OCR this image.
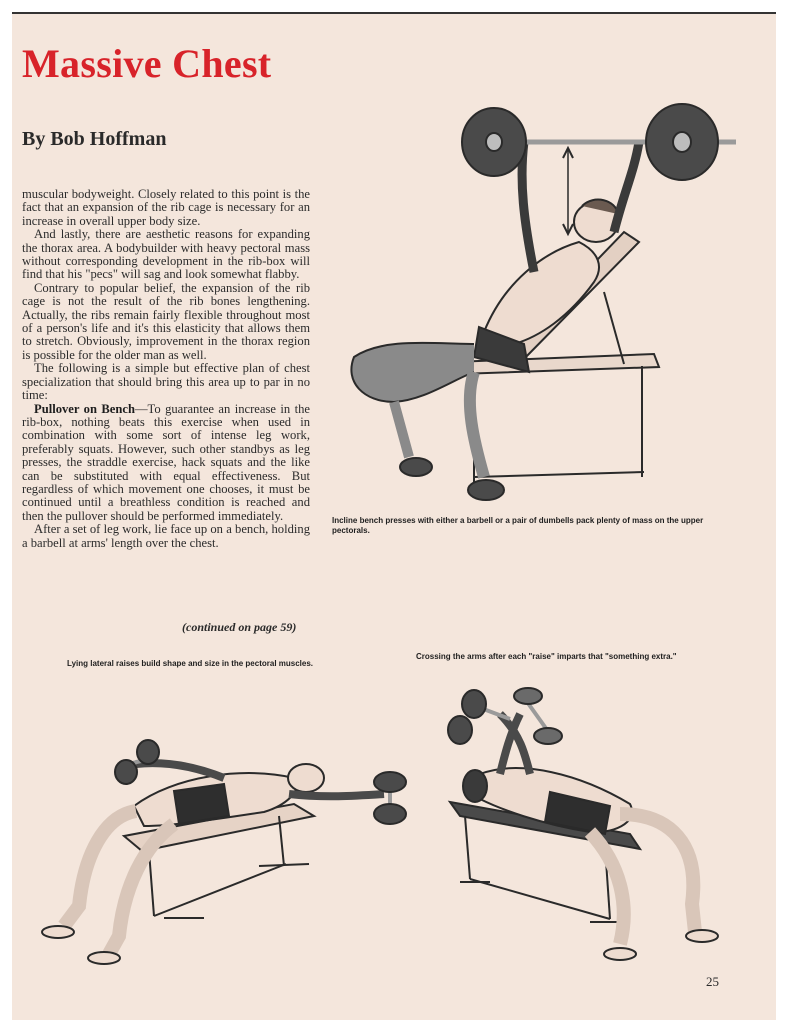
Massive Chest
By Bob Hoffman

muscular bodyweight. Closely related to this point is the fact that an expansion of the rib cage is necessary for an increase in overall upper body size.

And lastly, there are aesthetic reasons for expanding the thorax area. A bodybuilder with heavy pectoral mass without corresponding development in the rib-box will find that his "pecs" will sag and look somewhat flabby.

Contrary to popular belief, the expansion of the rib cage is not the result of the rib bones lengthening. Actually, the ribs remain fairly flexible throughout most of a person's life and it's this elasticity that allows them to stretch. Obviously, improvement in the thorax region is possible for the older man as well.

The following is a simple but effective plan of chest specialization that should bring this area up to par in no time:

Pullover on Bench—To guarantee an increase in the rib-box, nothing beats this exercise when used in combination with some sort of intense leg work, preferably squats. However, such other standbys as leg presses, the straddle exercise, hack squats and the like can be substituted with equal effectiveness. But regardless of which movement one chooses, it must be continued until a breathless condition is reached and then the pullover should be performed immediately.

After a set of leg work, lie face up on a bench, holding a barbell at arms' length over the chest.

(continued on page 59)
Incline bench presses with either a barbell or a pair of dumbells pack plenty of mass on the upper pectorals.
Lying lateral raises build shape and size in the pectoral muscles.
Crossing the arms after each "raise" imparts that "something extra."
25
